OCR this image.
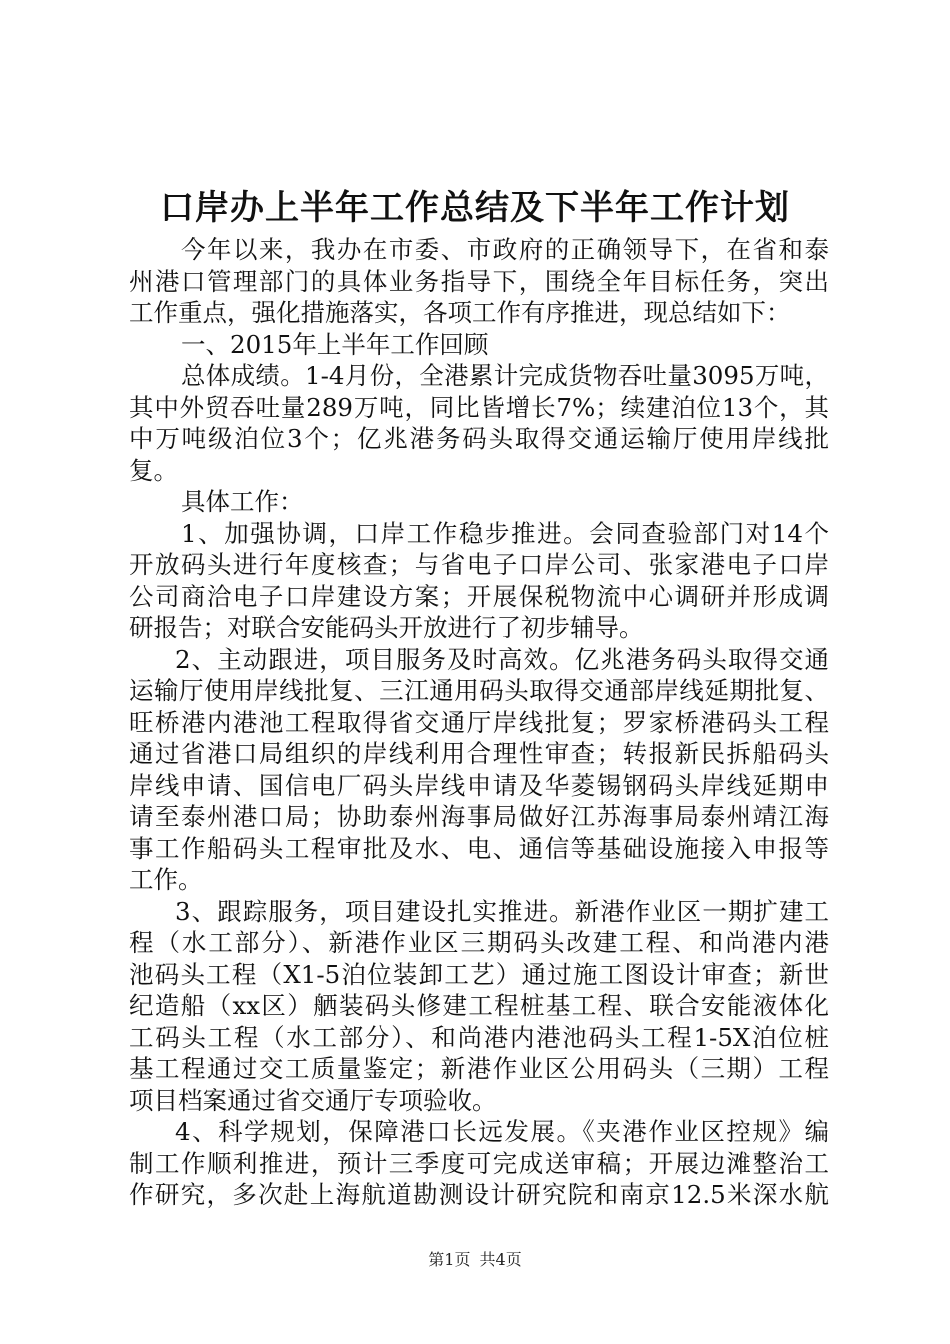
口岸办上半年工作总结及下半年工作计划
今年以来，我办在市委、市政府的正确领导下，在省和泰
州港口管理部门的具体业务指导下，围绕全年目标任务，突出
工作重点，强化措施落实，各项工作有序推进，现总结如下：
一、2015年上半年工作回顾
总体成绩。1-4月份，全港累计完成货物吞吐量3095万吨，
其中外贸吞吐量289万吨，同比皆增长7%；续建泊位13个，其
中万吨级泊位3个；亿兆港务码头取得交通运输厅使用岸线批
复。
具体工作：
1、加强协调，口岸工作稳步推进。会同查验部门对14个
开放码头进行年度核查；与省电子口岸公司、张家港电子口岸
公司商洽电子口岸建设方案；开展保税物流中心调研并形成调
研报告；对联合安能码头开放进行了初步辅导。
2、主动跟进，项目服务及时高效。亿兆港务码头取得交通
运输厅使用岸线批复、三江通用码头取得交通部岸线延期批复、
旺桥港内港池工程取得省交通厅岸线批复；罗家桥港码头工程
通过省港口局组织的岸线利用合理性审查；转报新民拆船码头
岸线申请、国信电厂码头岸线申请及华菱锡钢码头岸线延期申
请至泰州港口局；协助泰州海事局做好江苏海事局泰州靖江海
事工作船码头工程审批及水、电、通信等基础设施接入申报等
工作。
3、跟踪服务，项目建设扎实推进。新港作业区一期扩建工
程（水工部分）、新港作业区三期码头改建工程、和尚港内港
池码头工程（X1-5泊位装卸工艺）通过施工图设计审查；新世
纪造船（xx区）舾装码头修建工程桩基工程、联合安能液体化
工码头工程（水工部分）、和尚港内港池码头工程1-5X泊位桩
基工程通过交工质量鉴定；新港作业区公用码头（三期）工程
项目档案通过省交通厅专项验收。
4、科学规划，保障港口长远发展。《夹港作业区控规》编
制工作顺利推进，预计三季度可完成送审稿；开展边滩整治工
作研究，多次赴上海航道勘测设计研究院和南京12.5米深水航
第1页 共4页
